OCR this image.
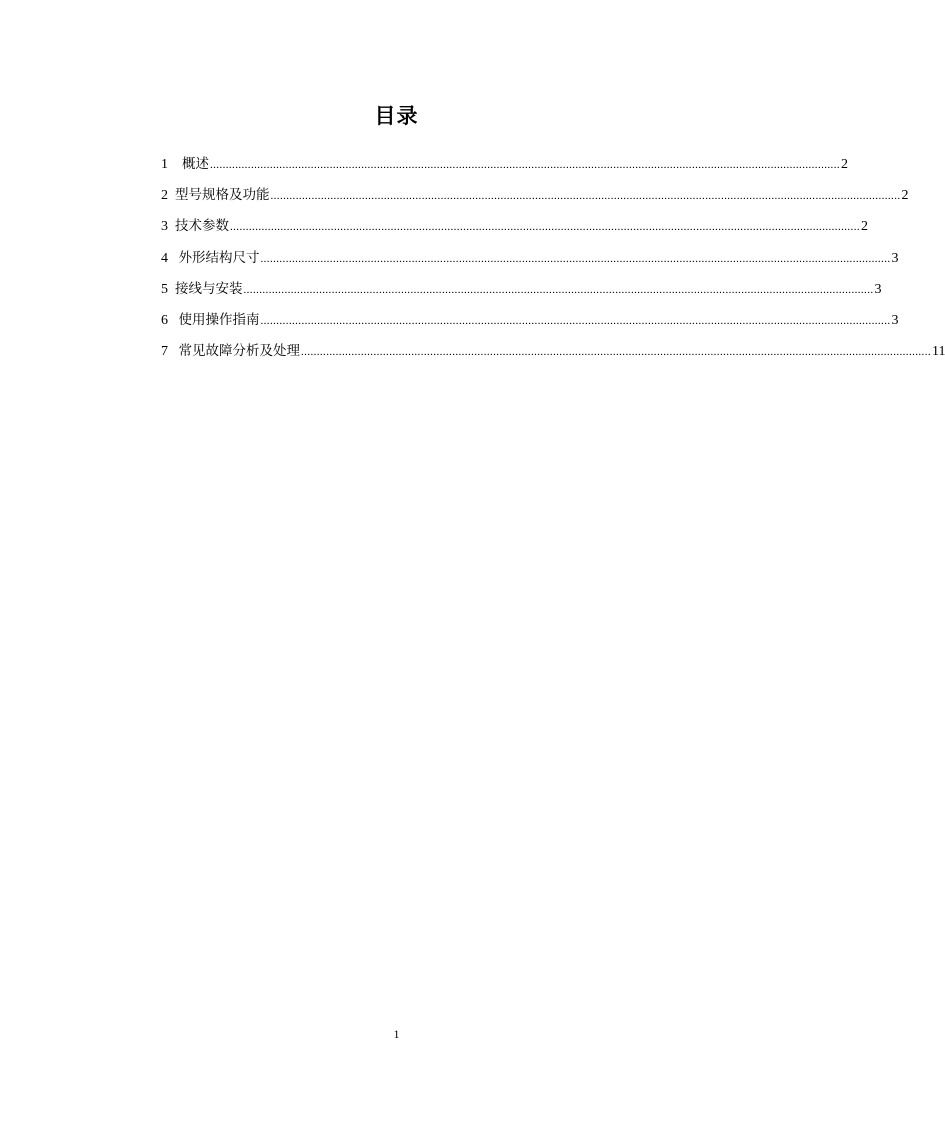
目录
1
概述 ........................................................................................................................................................................................................ 2
2
型号规格及功能 ........................................................................................................................................................................................................ 2
3
技术参数 ........................................................................................................................................................................................................ 2
4
外形结构尺寸 ........................................................................................................................................................................................................ 3
5
接线与安装 ........................................................................................................................................................................................................ 3
6
使用操作指南 ........................................................................................................................................................................................................ 3
7
常见故障分析及处理 ........................................................................................................................................................................................................ 11
1
